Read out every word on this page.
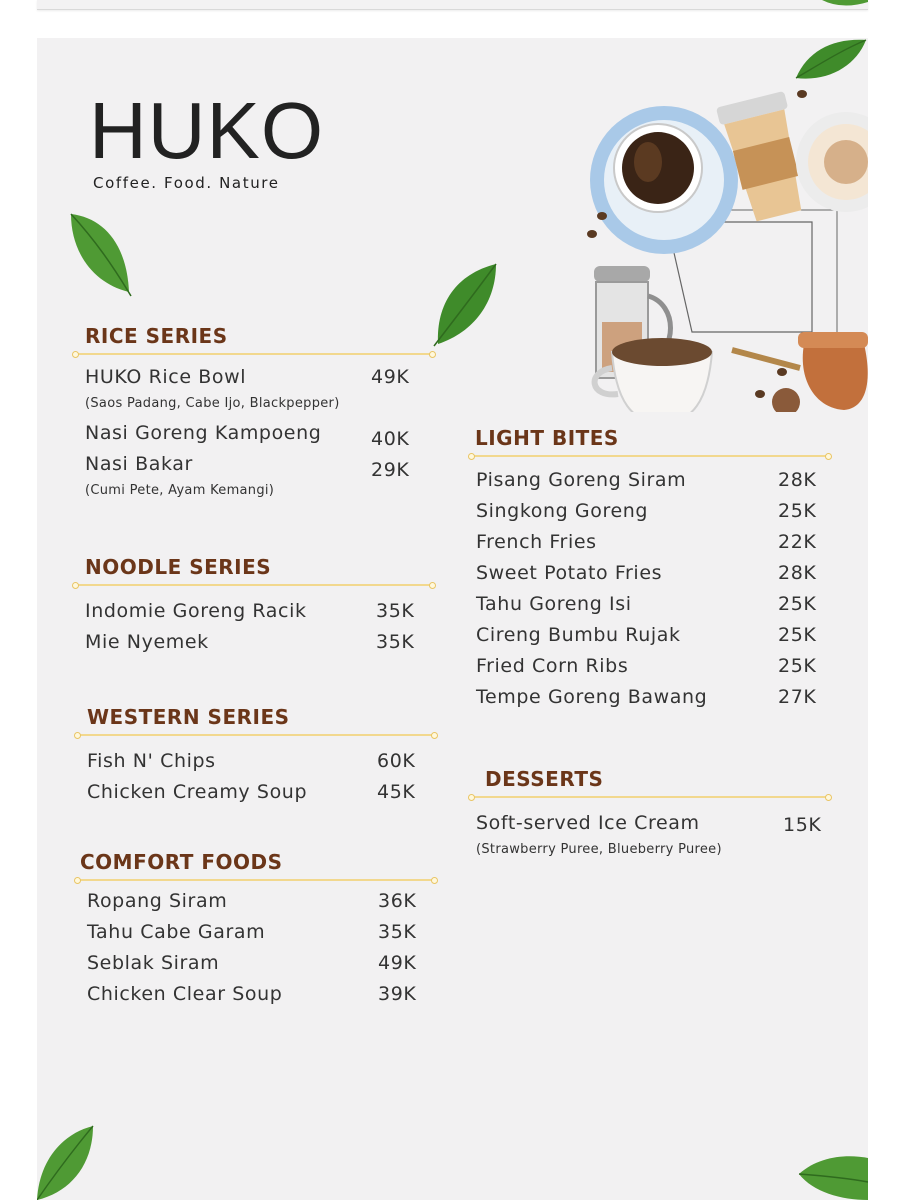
HUKO
Coffee. Food. Nature
RICE SERIES
HUKO Rice Bowl	49K
(Saos Padang, Cabe Ijo, Blackpepper)
Nasi Goreng Kampoeng	40K
Nasi Bakar	29K
(Cumi Pete, Ayam Kemangi)
NOODLE SERIES
Indomie Goreng Racik	35K
Mie Nyemek	35K
WESTERN SERIES
Fish N' Chips	60K
Chicken Creamy Soup	45K
COMFORT FOODS
Ropang Siram	36K
Tahu Cabe Garam	35K
Seblak Siram	49K
Chicken Clear Soup	39K
LIGHT BITES
Pisang Goreng Siram	28K
Singkong Goreng	25K
French Fries	22K
Sweet Potato Fries	28K
Tahu Goreng Isi	25K
Cireng Bumbu Rujak	25K
Fried Corn Ribs	25K
Tempe Goreng Bawang	27K
DESSERTS
Soft-served Ice Cream	15K
(Strawberry Puree, Blueberry Puree)
